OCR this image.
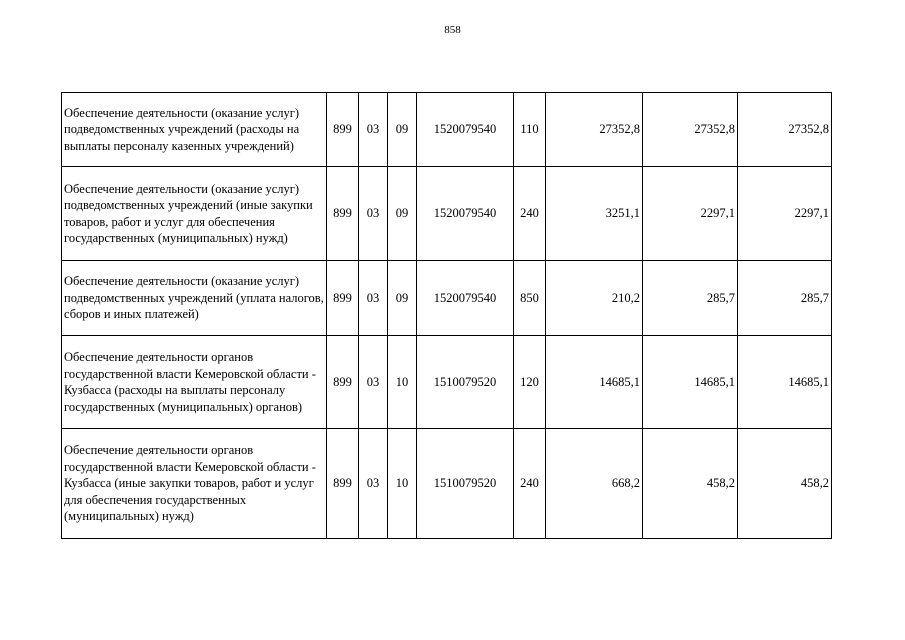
858
Обеспечение деятельности (оказание услуг) подведомственных учреждений (расходы на выплаты персоналу казенных учреждений)	899	03	09	1520079540	110	27352,8	27352,8	27352,8
Обеспечение деятельности (оказание услуг) подведомственных учреждений (иные закупки товаров, работ и услуг для обеспечения государственных (муниципальных) нужд)	899	03	09	1520079540	240	3251,1	2297,1	2297,1
Обеспечение деятельности (оказание услуг) подведомственных учреждений (уплата налогов, сборов и иных платежей)	899	03	09	1520079540	850	210,2	285,7	285,7
Обеспечение деятельности органов государственной власти Кемеровской области - Кузбасса (расходы на выплаты персоналу государственных (муниципальных) органов)	899	03	10	1510079520	120	14685,1	14685,1	14685,1
Обеспечение деятельности органов государственной власти Кемеровской области - Кузбасса (иные закупки товаров, работ и услуг для обеспечения государственных (муниципальных) нужд)	899	03	10	1510079520	240	668,2	458,2	458,2
